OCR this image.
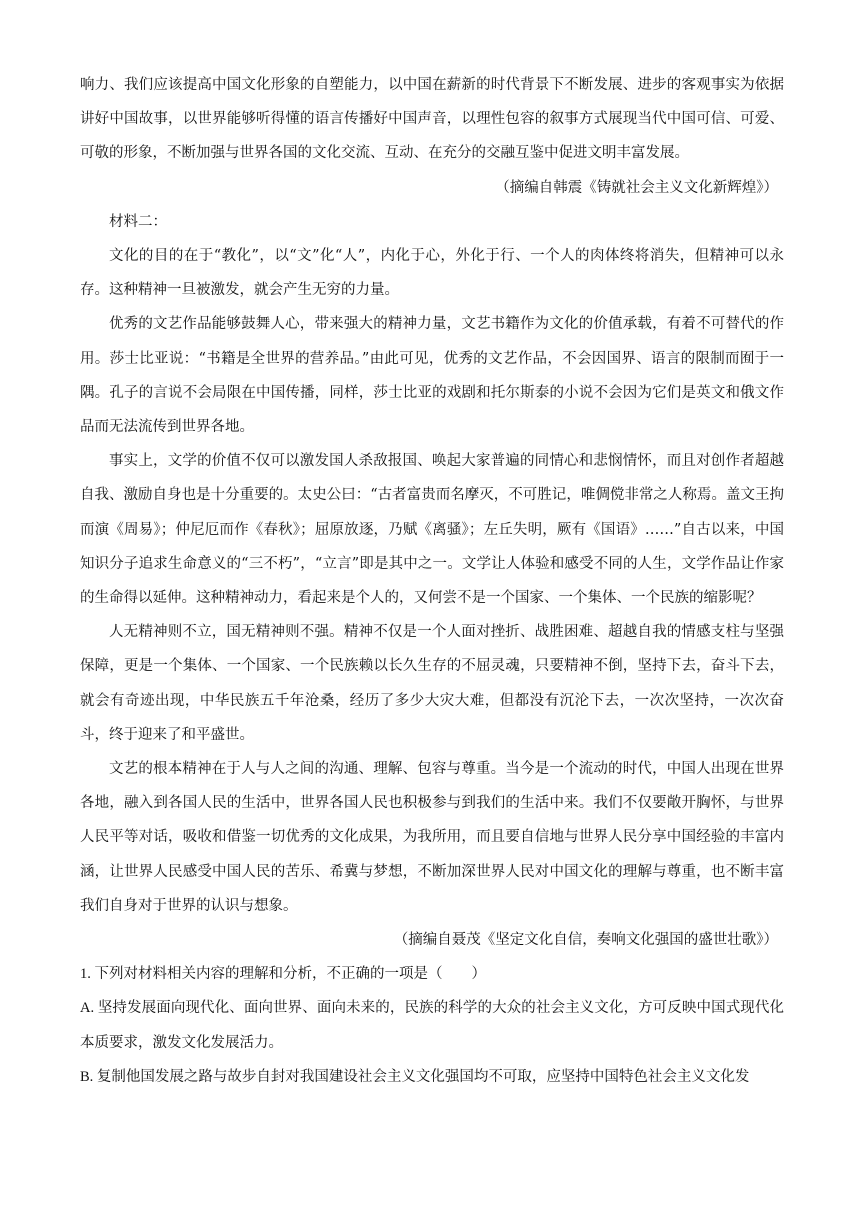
响力、我们应该提高中国文化形象的自塑能力，以中国在薪新的时代背景下不断发展、进步的客观事实为依据讲好中国故事，以世界能够听得懂的语言传播好中国声音，以理性包容的叙事方式展现当代中国可信、可爱、可敬的形象，不断加强与世界各国的文化交流、互动、在充分的交融互鉴中促进文明丰富发展。

（摘编自韩震《铸就社会主义文化新辉煌》）

材料二：

文化的目的在于“教化”，以“文”化“人”，内化于心，外化于行、一个人的肉体终将消失，但精神可以永存。这种精神一旦被激发，就会产生无穷的力量。

优秀的文艺作品能够鼓舞人心，带来强大的精神力量，文艺书籍作为文化的价值承载，有着不可替代的作用。莎士比亚说：“书籍是全世界的营养品。”由此可见，优秀的文艺作品，不会因国界、语言的限制而囿于一隅。孔子的言说不会局限在中国传播，同样，莎士比亚的戏剧和托尔斯泰的小说不会因为它们是英文和俄文作品而无法流传到世界各地。

事实上，文学的价值不仅可以激发国人杀敌报国、唤起大家普遍的同情心和悲悯情怀，而且对创作者超越自我、激励自身也是十分重要的。太史公曰：“古者富贵而名摩灭，不可胜记，唯倜傥非常之人称焉。盖文王拘而演《周易》；仲尼厄而作《春秋》；屈原放逐，乃赋《离骚》；左丘失明，厥有《国语》……”自古以来，中国知识分子追求生命意义的“三不朽”，“立言”即是其中之一。文学让人体验和感受不同的人生，文学作品让作家的生命得以延伸。这种精神动力，看起来是个人的，又何尝不是一个国家、一个集体、一个民族的缩影呢？

人无精神则不立，国无精神则不强。精神不仅是一个人面对挫折、战胜困难、超越自我的情感支柱与坚强保障，更是一个集体、一个国家、一个民族赖以长久生存的不屈灵魂，只要精神不倒，坚持下去，奋斗下去，就会有奇迹出现，中华民族五千年沧桑，经历了多少大灾大难，但都没有沉沦下去，一次次坚持，一次次奋斗，终于迎来了和平盛世。

文艺的根本精神在于人与人之间的沟通、理解、包容与尊重。当今是一个流动的时代，中国人出现在世界各地，融入到各国人民的生活中，世界各国人民也积极参与到我们的生活中来。我们不仅要敞开胸怀，与世界人民平等对话，吸收和借鉴一切优秀的文化成果，为我所用，而且要自信地与世界人民分享中国经验的丰富内涵，让世界人民感受中国人民的苦乐、希冀与梦想，不断加深世界人民对中国文化的理解与尊重，也不断丰富我们自身对于世界的认识与想象。

（摘编自聂茂《坚定文化自信，奏响文化强国的盛世壮歌》）

1. 下列对材料相关内容的理解和分析，不正确的一项是（　　）

A. 坚持发展面向现代化、面向世界、面向未来的，民族的科学的大众的社会主义文化，方可反映中国式现代化本质要求，激发文化发展活力。

B. 复制他国发展之路与故步自封对我国建设社会主义文化强国均不可取，应坚持中国特色社会主义文化发
